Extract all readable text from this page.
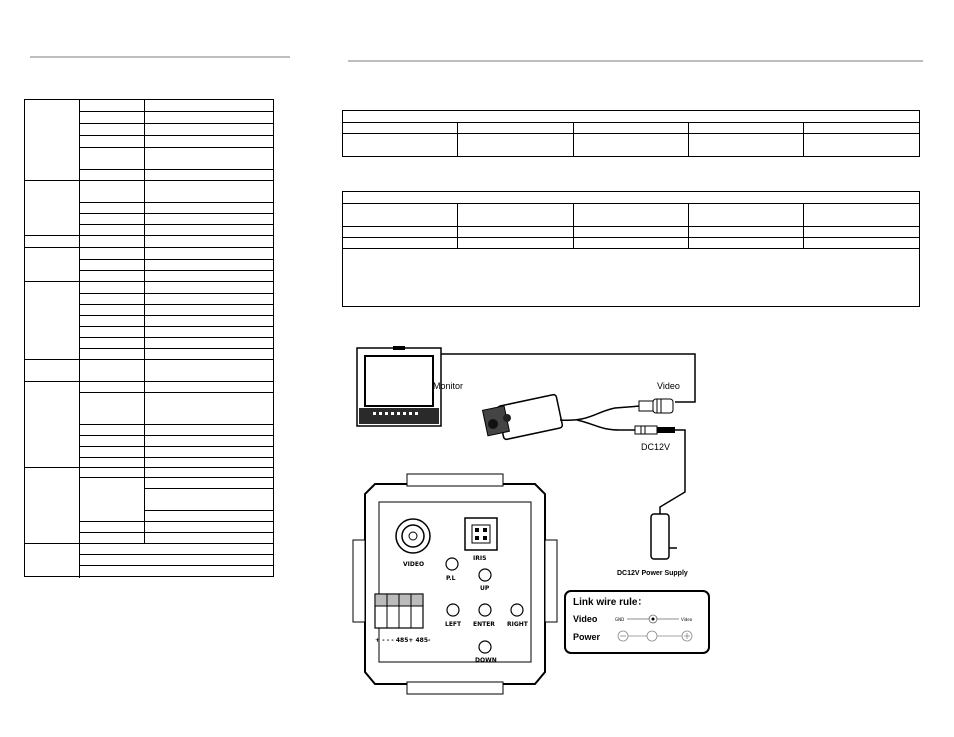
Monitor	Video
DC12V
DC12V Power Supply
VIDEO
IRIS
P.L
UP
LEFT ENTER RIGHT
DOWN
+ - - - 485+ 485-
Link wire rule：
Video
Power
GND	Video
